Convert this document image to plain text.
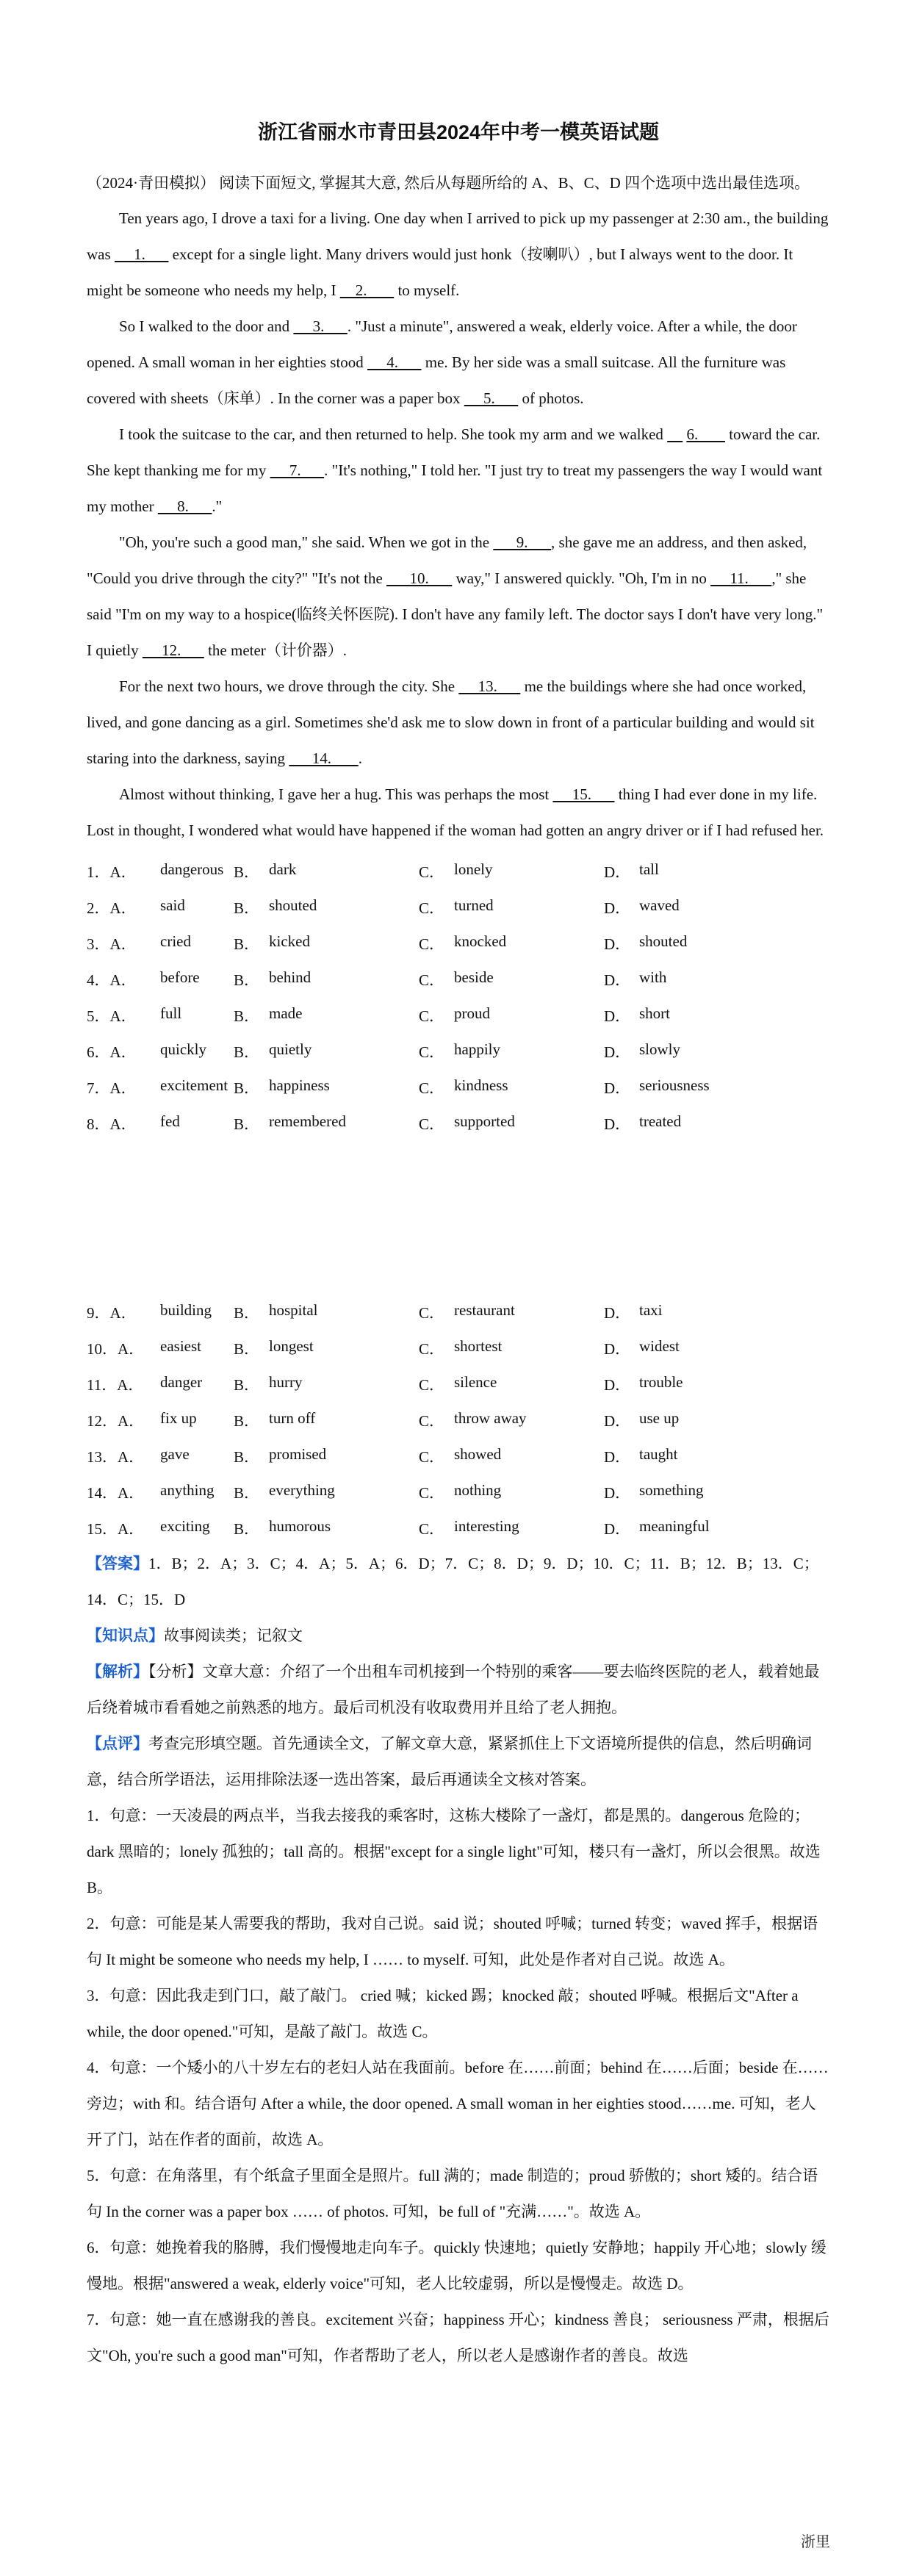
浙江省丽水市青田县2024年中考一模英语试题

（2024·青田模拟） 阅读下面短文, 掌握其大意, 然后从每题所给的 A、B、C、D 四个选项中选出最佳选项。

Ten years ago, I drove a taxi for a living. One day when I arrived to pick up my passenger at 2:30 am., the building was      1.       except for a single light. Many drivers would just honk（按喇叭）, but I always went to the door. It might be someone who needs my help, I     2.        to myself.

So I walked to the door and      3.      . "Just a minute", answered a weak, elderly voice. After a while, the door opened. A small woman in her eighties stood      4.       me. By her side was a small suitcase. All the furniture was covered with sheets（床单）. In the corner was a paper box      5.       of photos.

I took the suitcase to the car, and then returned to help. She took my arm and we walked      6.        toward the car. She kept thanking me for my      7.      . "It's nothing," I told her. "I just try to treat my passengers the way I would want my mother      8.      ."

"Oh, you're such a good man," she said. When we got in the       9.      , she gave me an address, and then asked, "Could you drive through the city?" "It's not the       10.       way," I answered quickly. "Oh, I'm in no      11.      ," she said "I'm on my way to a hospice(临终关怀医院). I don't have any family left. The doctor says I don't have very long." I quietly      12.       the meter（计价器）.

For the next two hours, we drove through the city. She      13.       me the buildings where she had once worked, lived, and gone dancing as a girl. Sometimes she'd ask me to slow down in front of a particular building and would sit staring into the darkness, saying       14.       .

Almost without thinking, I gave her a hug. This was perhaps the most      15.       thing I had ever done in my life. Lost in thought, I wondered what would have happened if the woman had gotten an angry driver or if I had refused her.

1．A．	dangerous B． dark	C． lonely	D． tall
2．A．	said	B． shouted	C． turned	D． waved
3．A．	cried	B． kicked	C． knocked	D． shouted
4．A．	before B． behind	C． beside	D． with
5．A．	full	B． made	C． proud	D． short
6．A．	quickly B． quietly	C． happily	D． slowly
7．A．	excitement B． happiness	C． kindness	D． seriousness
8．A．	fed	B． remembered	C． supported	D． treated
9．A．	building B． hospital	C． restaurant	D． taxi
10．A．	easiest B． longest	C． shortest	D． widest
11．A．	danger B． hurry	C． silence	D． trouble
12．A．	fix up B． turn off	C． throw away	D． use up
13．A．	gave	B． promised	C． showed	D． taught
14．A．	anything B． everything	C． nothing	D． something
15．A．	exciting B． humorous	C． interesting	D． meaningful

【答案】1．B；2．A；3．C；4．A；5．A；6．D；7．C；8．D；9．D；10．C；11．B；12．B；13．C；14．C；15．D

【知识点】故事阅读类；记叙文

【解析】【分析】文章大意：介绍了一个出租车司机接到一个特别的乘客——要去临终医院的老人，载着她最后绕着城市看看她之前熟悉的地方。最后司机没有收取费用并且给了老人拥抱。

【点评】考查完形填空题。首先通读全文，了解文章大意，紧紧抓住上下文语境所提供的信息，然后明确词意，结合所学语法，运用排除法逐一选出答案，最后再通读全文核对答案。

1．句意：一天凌晨的两点半，当我去接我的乘客时，这栋大楼除了一盏灯，都是黑的。dangerous 危险的；dark 黑暗的；lonely 孤独的；tall 高的。根据"except for a single light"可知，楼只有一盏灯，所以会很黑。故选 B。

2．句意：可能是某人需要我的帮助，我对自己说。said 说；shouted 呼喊；turned 转变；waved 挥手，根据语句 It might be someone who needs my help, I …… to myself. 可知，此处是作者对自己说。故选 A。

3．句意：因此我走到门口，敲了敲门。 cried 喊；kicked 踢；knocked 敲；shouted 呼喊。根据后文"After a while, the door opened."可知，是敲了敲门。故选 C。

4．句意：一个矮小的八十岁左右的老妇人站在我面前。before 在……前面；behind 在……后面；beside 在……旁边；with 和。结合语句 After a while, the door opened. A small woman in her eighties stood……me. 可知，老人开了门，站在作者的面前，故选 A。

5．句意：在角落里，有个纸盒子里面全是照片。full 满的；made 制造的；proud 骄傲的；short 矮的。结合语句 In the corner was a paper box …… of photos. 可知，be full of "充满……"。故选 A。

6．句意：她挽着我的胳膊，我们慢慢地走向车子。quickly 快速地；quietly 安静地；happily 开心地；slowly 缓慢地。根据"answered a weak, elderly voice"可知，老人比较虚弱，所以是慢慢走。故选 D。

7．句意：她一直在感谢我的善良。excitement 兴奋；happiness 开心；kindness 善良； seriousness 严肃，根据后文"Oh, you're such a good man"可知，作者帮助了老人，所以老人是感谢作者的善良。故选

浙里
